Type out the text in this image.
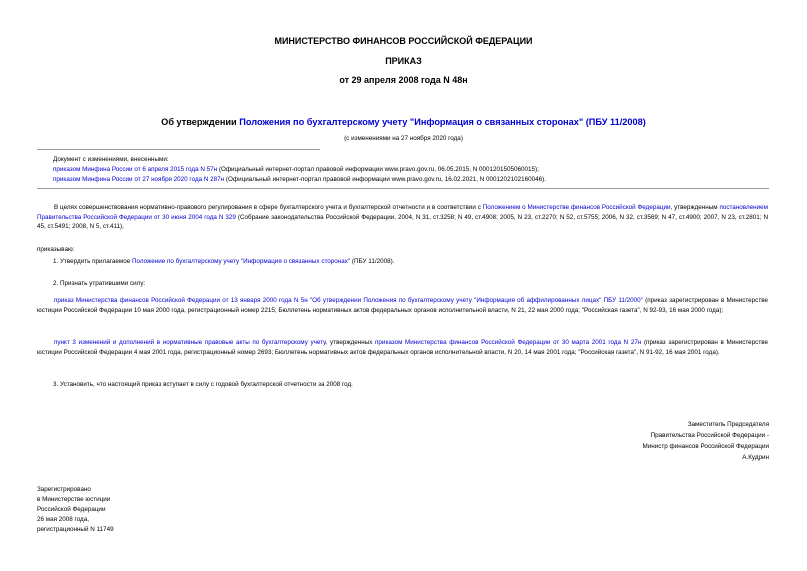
МИНИСТЕРСТВО ФИНАНСОВ РОССИЙСКОЙ ФЕДЕРАЦИИ
ПРИКАЗ
от 29 апреля 2008 года N 48н
Об утверждении Положения по бухгалтерскому учету "Информация о связанных сторонах" (ПБУ 11/2008)
(с изменениями на 27 ноября 2020 года)
Документ с изменениями, внесенными:
приказом Минфина России от 6 апреля 2015 года N 57н (Официальный интернет-портал правовой информации www.pravo.gov.ru, 06.05.2015, N 0001201505060015);
приказом Минфина России от 27 ноября 2020 года N 287н (Официальный интернет-портал правовой информации www.pravo.gov.ru, 16.02.2021, N 0001202102160046).

В целях совершенствования нормативно-правового регулирования в сфере бухгалтерского учета и бухгалтерской отчетности и в соответствии с Положением о Министерстве финансов Российской Федерации, утвержденным постановлением Правительства Российской Федерации от 30 июня 2004 года N 329 (Собрание законодательства Российской Федерации, 2004, N 31, ст.3258; N 49, ст.4908; 2005, N 23, ст.2270; N 52, ст.5755; 2006, N 32, ст.3569; N 47, ст.4900; 2007, N 23, ст.2801; N 45, ст.5491; 2008, N 5, ст.411),

приказываю:
1. Утвердить прилагаемое Положение по бухгалтерскому учету "Информация о связанных сторонах" (ПБУ 11/2008).
2. Признать утратившими силу:

приказ Министерства финансов Российской Федерации от 13 января 2000 года N 5н "Об утверждении Положения по бухгалтерскому учету "Информация об аффилированных лицах" ПБУ 11/2000" (приказ зарегистрирован в Министерстве юстиции Российской Федерации 10 мая 2000 года, регистрационный номер 2215; Бюллетень нормативных актов федеральных органов исполнительной власти, N 21, 22 мая 2000 года; "Российская газета", N 92-93, 16 мая 2000 года);

пункт 3 изменений и дополнений в нормативные правовые акты по бухгалтерскому учету, утвержденных приказом Министерства финансов Российской Федерации от 30 марта 2001 года N 27н (приказ зарегистрирован в Министерстве юстиции Российской Федерации 4 мая 2001 года, регистрационный номер 2693; Бюллетень нормативных актов федеральных органов исполнительной власти, N 20, 14 мая 2001 года; "Российская газета", N 91-92, 16 мая 2001 года).

3. Установить, что настоящий приказ вступает в силу с годовой бухгалтерской отчетности за 2008 год.
Заместитель Председателя
Правительства Российской Федерации -
Министр финансов Российской Федерации
А.Кудрин
Зарегистрировано
в Министерстве юстиции
Российской Федерации
26 мая 2008 года,
регистрационный N 11749
